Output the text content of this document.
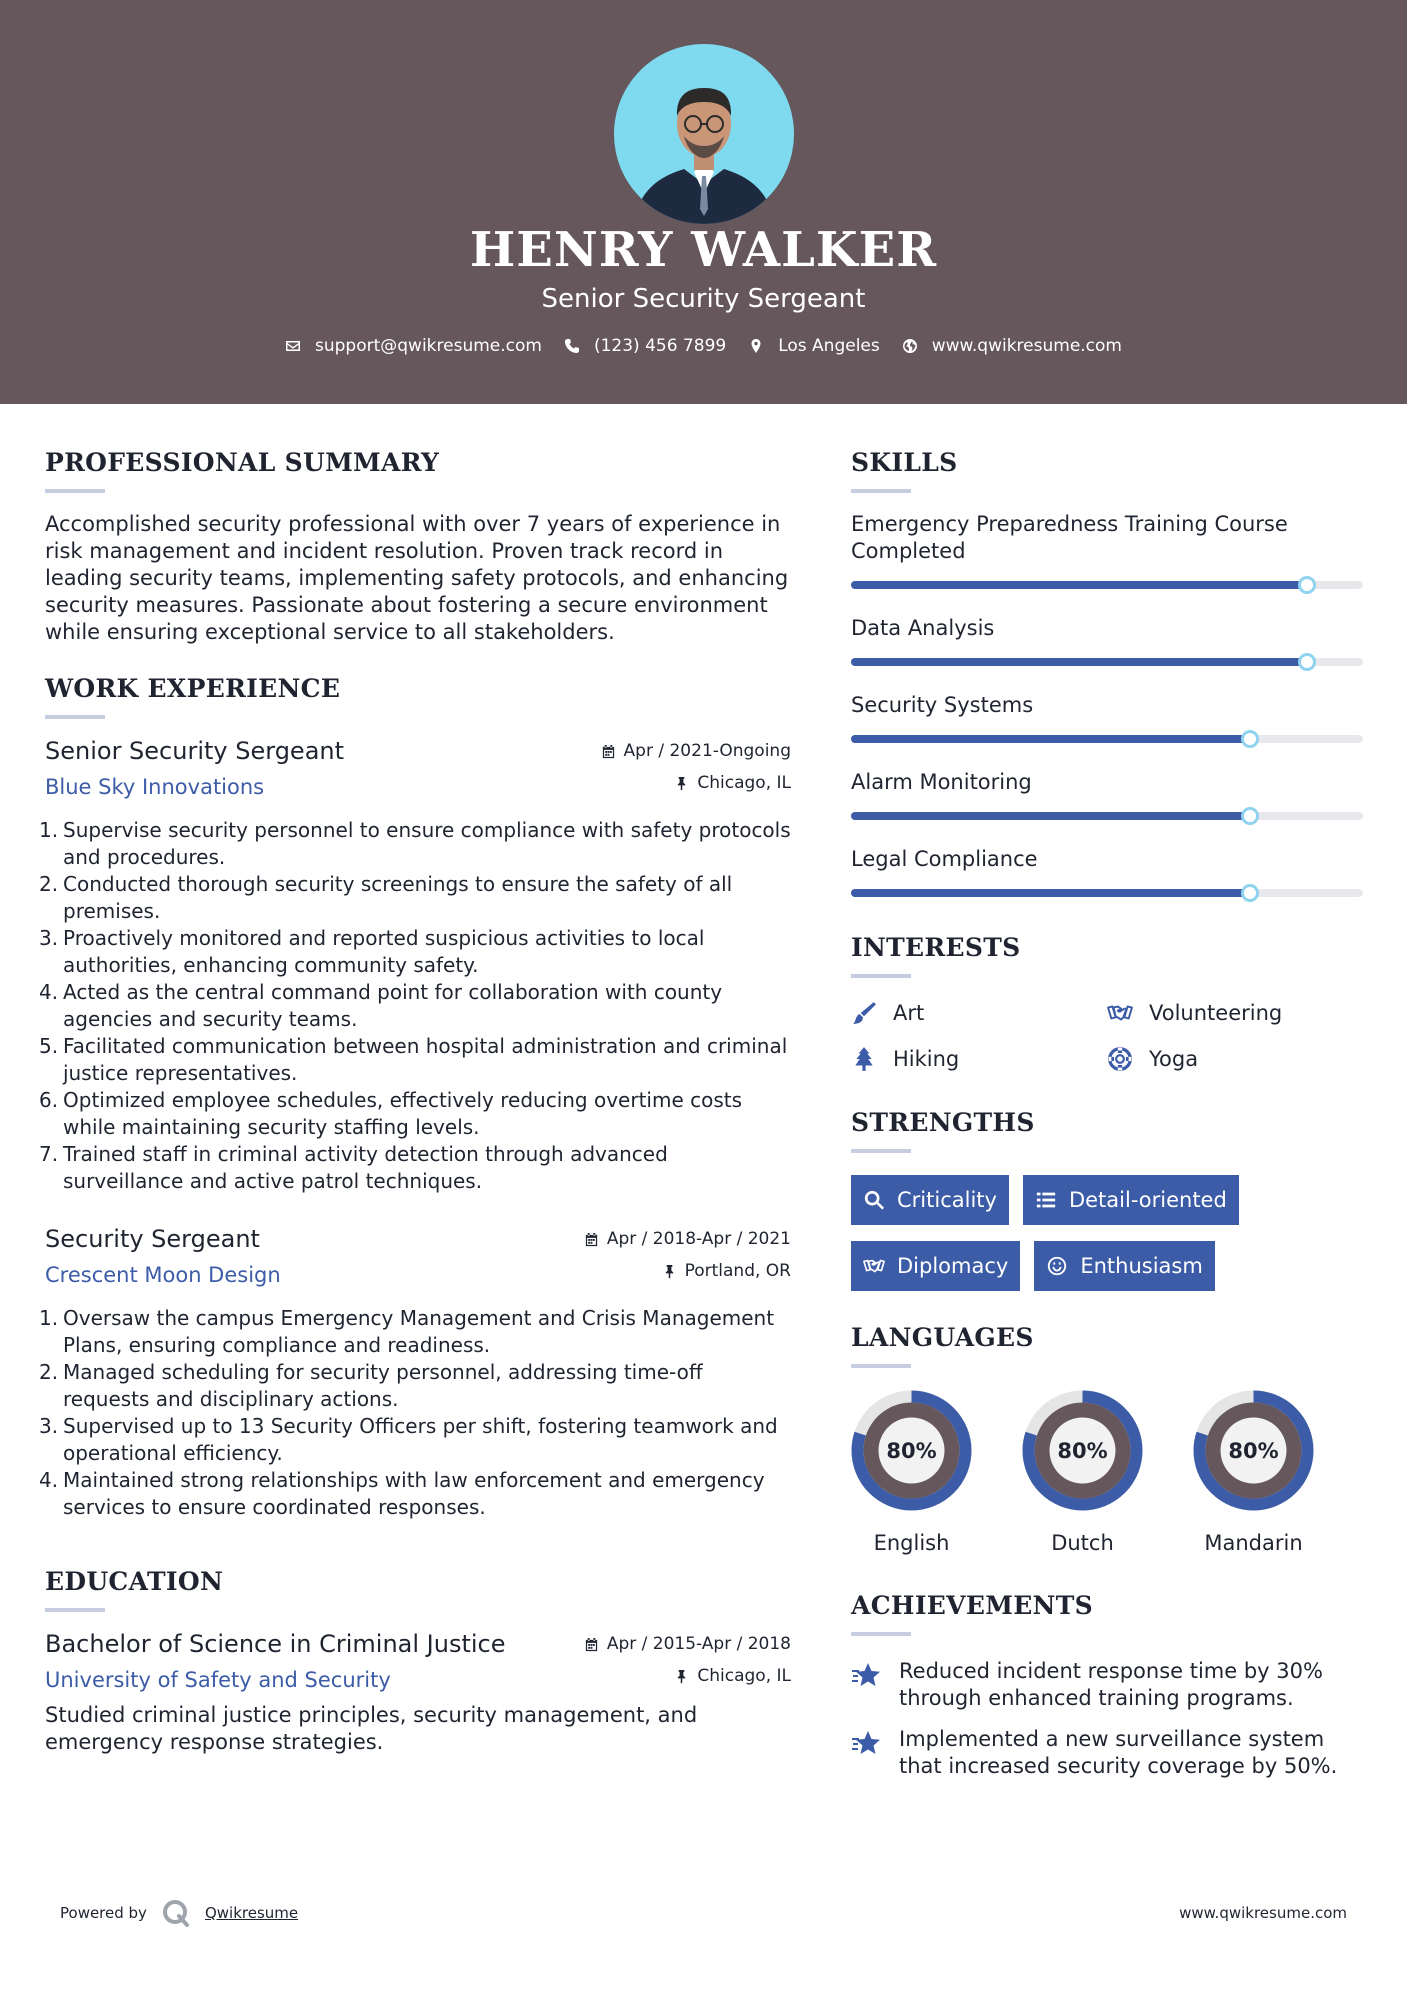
HENRY WALKER
Senior Security Sergeant
support@qwikresume.com	(123) 456 7899	Los Angeles	www.qwikresume.com
PROFESSIONAL SUMMARY
Accomplished security professional with over 7 years of experience in
risk management and incident resolution. Proven track record in
leading security teams, implementing safety protocols, and enhancing
security measures. Passionate about fostering a secure environment
while ensuring exceptional service to all stakeholders.
WORK EXPERIENCE
Apr / 2021-Ongoing
Chicago, IL
Senior Security Sergeant
Blue Sky Innovations
Supervise security personnel to ensure compliance with safety protocols and procedures.
Conducted thorough security screenings to ensure the safety of all premises.
Proactively monitored and reported suspicious activities to local authorities, enhancing community safety.
Acted as the central command point for collaboration with county agencies and security teams.
Facilitated communication between hospital administration and criminal justice representatives.
Optimized employee schedules, effectively reducing overtime costs while maintaining security staffing levels.
Trained staff in criminal activity detection through advanced surveillance and active patrol techniques.
Apr / 2018-Apr / 2021
Portland, OR
Security Sergeant
Crescent Moon Design
Oversaw the campus Emergency Management and Crisis Management Plans, ensuring compliance and readiness.
Managed scheduling for security personnel, addressing time-off requests and disciplinary actions.
Supervised up to 13 Security Officers per shift, fostering teamwork and operational efficiency.
Maintained strong relationships with law enforcement and emergency services to ensure coordinated responses.
EDUCATION
Apr / 2015-Apr / 2018
Chicago, IL
Bachelor of Science in Criminal Justice
University of Safety and Security
Studied criminal justice principles, security management, and emergency response strategies.
SKILLS
Emergency Preparedness Training Course Completed
Data Analysis
Security Systems
Alarm Monitoring
Legal Compliance
INTERESTS
Art	Volunteering
Hiking	Yoga
STRENGTHS
Criticality	Detail-oriented
Diplomacy	Enthusiasm
LANGUAGES
80%
English
80%
Dutch
80%
Mandarin
ACHIEVEMENTS
Reduced incident response time by 30% through enhanced training programs.
Implemented a new surveillance system that increased security coverage by 50%.
Powered by	Qwikresume	www.qwikresume.com
